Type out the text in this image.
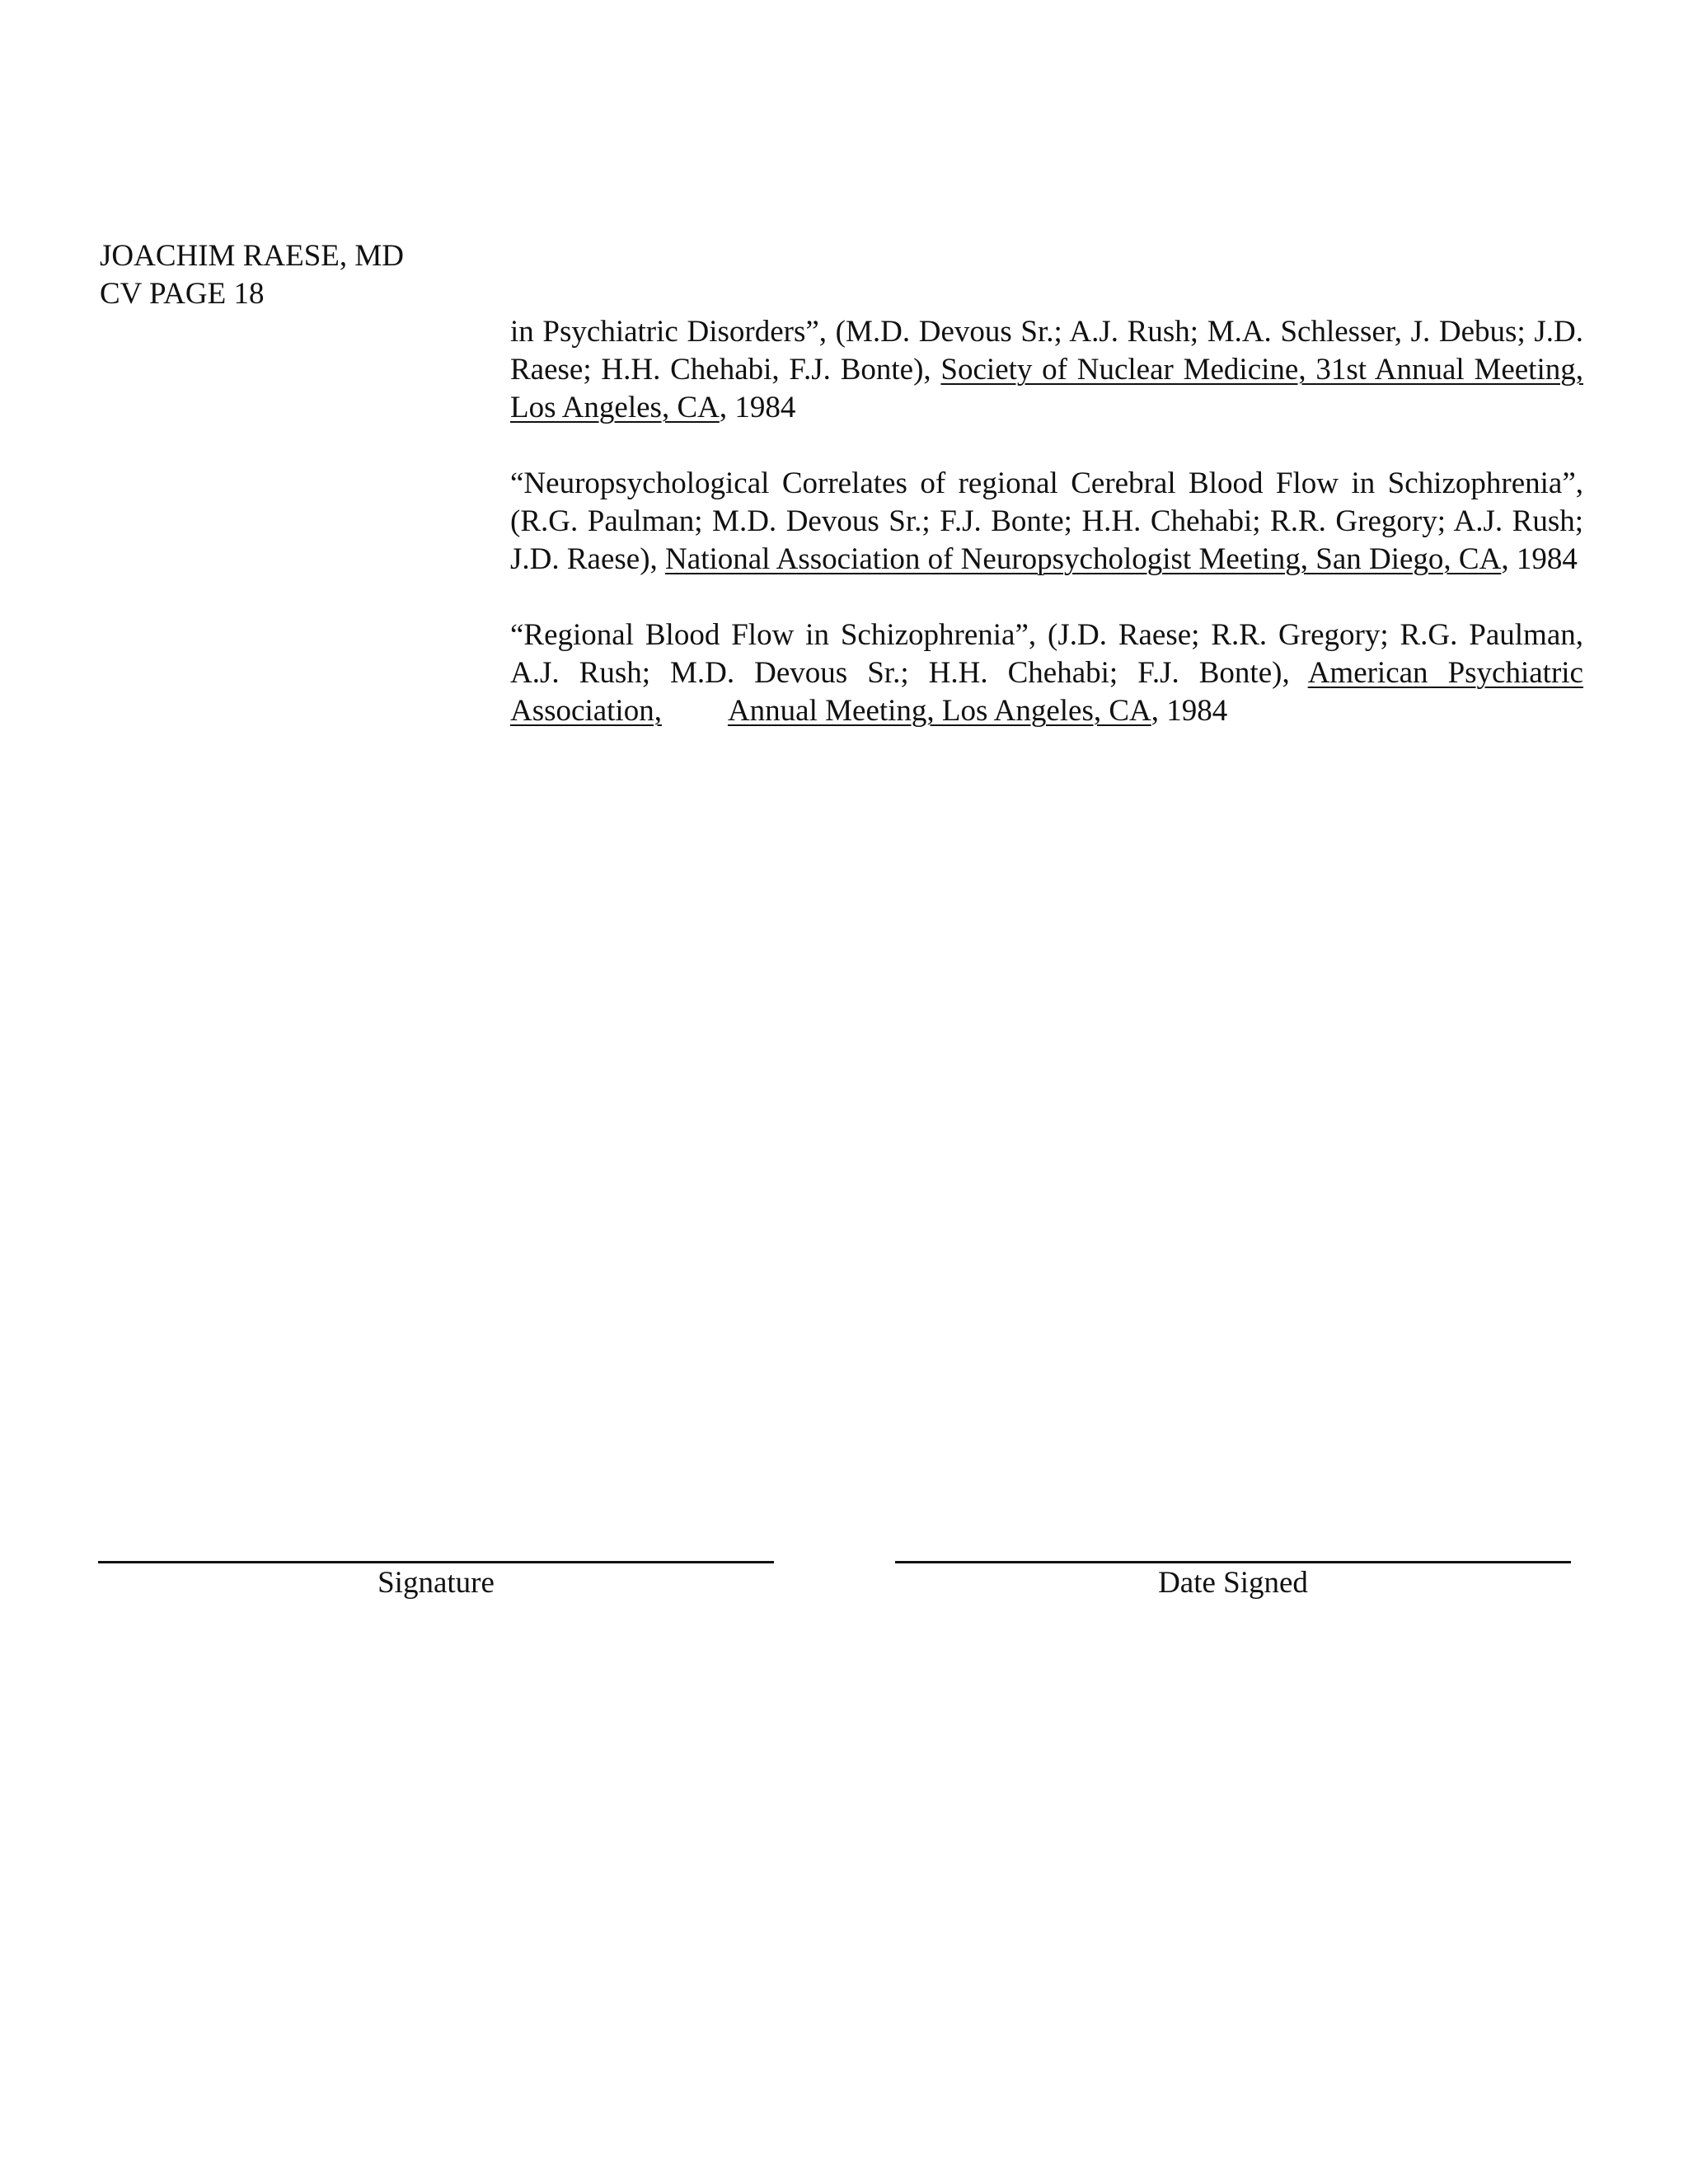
JOACHIM RAESE, MD
CV PAGE 18

in Psychiatric Disorders”, (M.D. Devous Sr.; A.J. Rush; M.A. Schlesser, J. Debus; J.D. Raese; H.H. Chehabi, F.J. Bonte), Society of Nuclear Medicine, 31st Annual Meeting, Los Angeles, CA, 1984

“Neuropsychological Correlates of regional Cerebral Blood Flow in Schizophrenia”, (R.G. Paulman; M.D. Devous Sr.; F.J. Bonte; H.H. Chehabi; R.R. Gregory; A.J. Rush; J.D. Raese), National Association of Neuropsychologist Meeting, San Diego, CA, 1984

“Regional Blood Flow in Schizophrenia”, (J.D. Raese; R.R. Gregory; R.G. Paulman, A.J. Rush; M.D. Devous Sr.; H.H. Chehabi; F.J. Bonte), American Psychiatric Association, Annual Meeting, Los Angeles, CA, 1984

Signature	Date Signed
